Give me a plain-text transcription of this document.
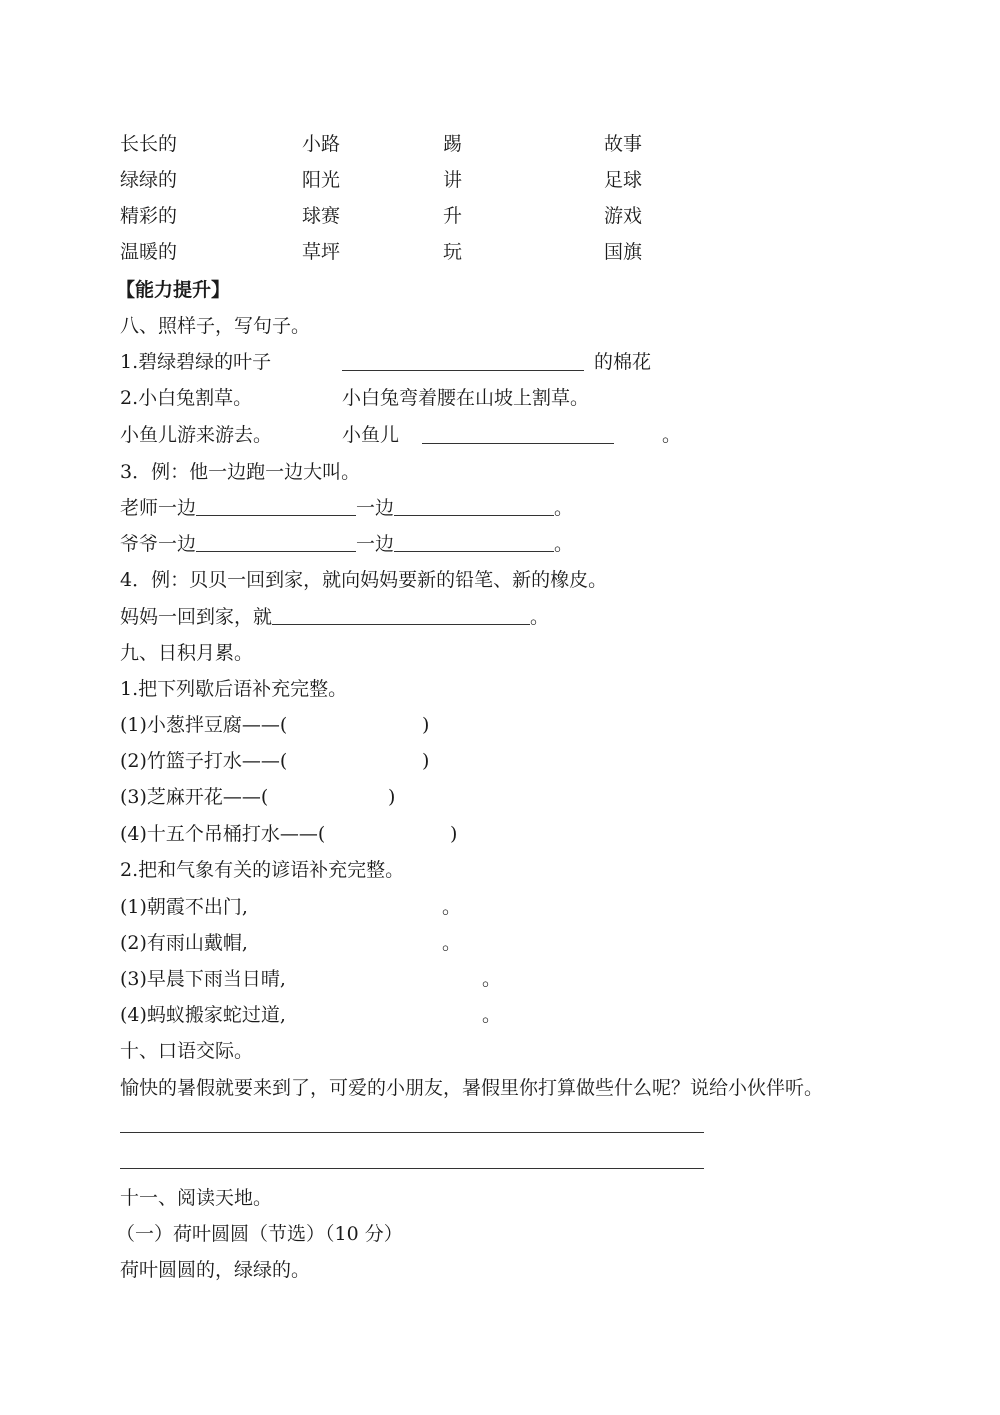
长长的	小路	踢	故事
绿绿的	阳光	讲	足球
精彩的	球赛	升	游戏
温暖的	草坪	玩	国旗
【能力提升】
八、照样子，写句子。
1.碧绿碧绿的叶子	的棉花
2.小白兔割草。	小白兔弯着腰在山坡上割草。
小鱼儿游来游去。	小鱼儿	。
3．例：他一边跑一边大叫。
老师一边	一边	。
爷爷一边	一边	。
4．例：贝贝一回到家，就向妈妈要新的铅笔、新的橡皮。
妈妈一回到家，就	。
九、日积月累。
1.把下列歇后语补充完整。
(1)小葱拌豆腐——(	)
(2)竹篮子打水——(	)
(3)芝麻开花——(	)
(4)十五个吊桶打水——(	)
2.把和气象有关的谚语补充完整。
(1)朝霞不出门,	。
(2)有雨山戴帽,	。
(3)早晨下雨当日晴,	。
(4)蚂蚁搬家蛇过道,	。
十、口语交际。
愉快的暑假就要来到了，可爱的小朋友，暑假里你打算做些什么呢？说给小伙伴听。
十一、阅读天地。
（一）荷叶圆圆（节选）（10 分）
荷叶圆圆的，绿绿的。
